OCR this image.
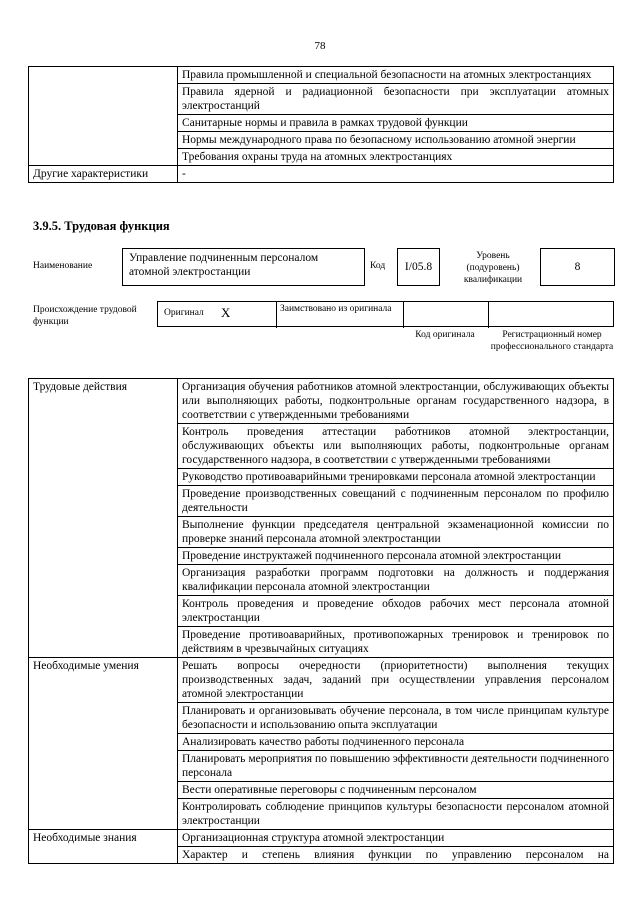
78
	Правила промышленной и специальной безопасности на атомных электростанциях
	Правила ядерной и радиационной безопасности при эксплуатации атомных электростанций
	Санитарные нормы и правила в рамках трудовой функции
	Нормы международного права по безопасному использованию атомной энергии
	Требования охраны труда на атомных электростанциях
Другие характеристики	-
3.9.5. Трудовая функция
Наименование
Управление подчиненным персоналом атомной электростанции	Код	I/05.8
Уровень (подуровень) квалификации
8
Происхождение трудовой функции
Оригинал X	Заимствовано из оригинала
Код оригинала	Регистрационный номер профессионального стандарта
Трудовые действия	Организация обучения работников атомной электростанции, обслуживающих объекты или выполняющих работы, подконтрольные органам государственного надзора, в соответствии с утвержденными требованиями
	Контроль проведения аттестации работников атомной электростанции, обслуживающих объекты или выполняющих работы, подконтрольные органам государственного надзора, в соответствии с утвержденными требованиями
	Руководство противоаварийными тренировками персонала атомной электростанции
	Проведение производственных совещаний с подчиненным персоналом по профилю деятельности
	Выполнение функции председателя центральной экзаменационной комиссии по проверке знаний персонала атомной электростанции
	Проведение инструктажей подчиненного персонала атомной электростанции
	Организация разработки программ подготовки на должность и поддержания квалификации персонала атомной электростанции
	Контроль проведения и проведение обходов рабочих мест персонала атомной электростанции
	Проведение противоаварийных, противопожарных тренировок и тренировок по действиям в чрезвычайных ситуациях
Необходимые умения	Решать вопросы очередности (приоритетности) выполнения текущих производственных задач, заданий при осуществлении управления персоналом атомной электростанции
	Планировать и организовывать обучение персонала, в том числе принципам культуре безопасности и использованию опыта эксплуатации
	Анализировать качество работы подчиненного персонала
	Планировать мероприятия по повышению эффективности деятельности подчиненного персонала
	Вести оперативные переговоры с подчиненным персоналом
	Контролировать соблюдение принципов культуры безопасности персоналом атомной электростанции
Необходимые знания	Организационная структура атомной электростанции
	Характер и степень влияния функции по управлению персоналом на
